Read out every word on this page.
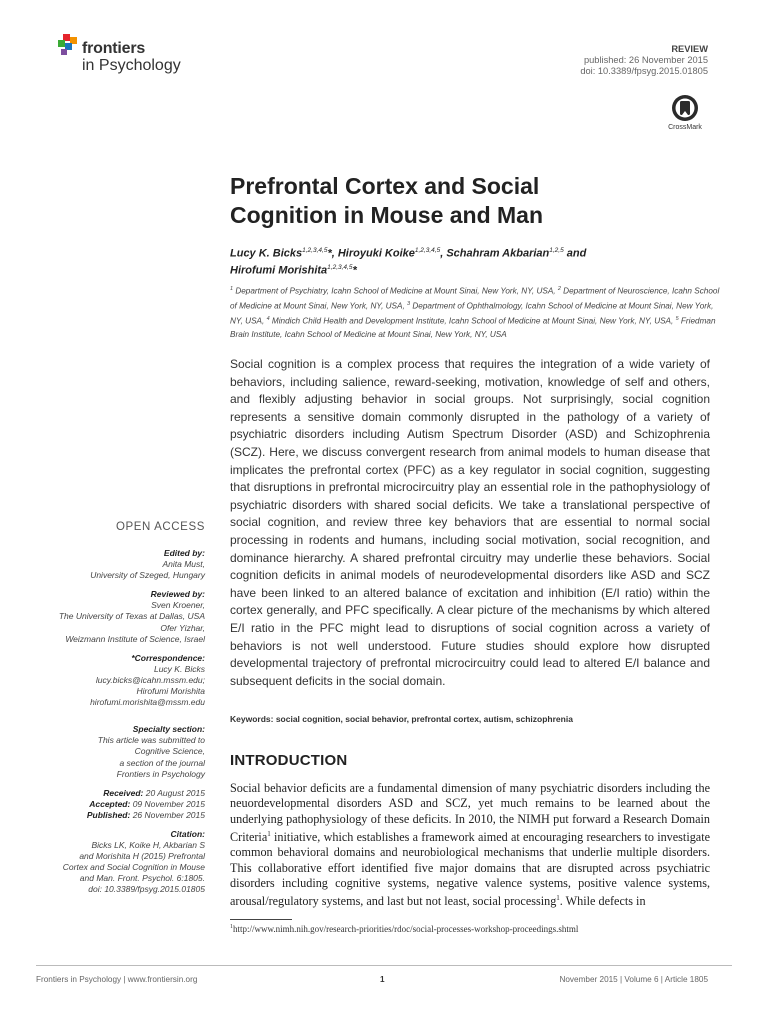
frontiers
in Psychology
REVIEW
published: 26 November 2015
doi: 10.3389/fpsyg.2015.01805
CrossMark
Prefrontal Cortex and Social
Cognition in Mouse and Man
Lucy K. Bicks$^{1,2,3,4,5}$*, Hiroyuki Koike$^{1,2,3,4,5}$, Schahram Akbarian$^{1,2,5}$ and
Hirofumi Morishita$^{1,2,3,4,5}$*
$^1$ Department of Psychiatry, Icahn School of Medicine at Mount Sinai, New York, NY, USA, $^2$ Department of Neuroscience, Icahn School of Medicine at Mount Sinai, New York, NY, USA, $^3$ Department of Ophthalmology, Icahn School of Medicine at Mount Sinai, New York, NY, USA, $^4$ Mindich Child Health and Development Institute, Icahn School of Medicine at Mount Sinai, New York, NY, USA, $^5$ Friedman Brain Institute, Icahn School of Medicine at Mount Sinai, New York, NY, USA
Social cognition is a complex process that requires the integration of a wide variety of behaviors, including salience, reward-seeking, motivation, knowledge of self and others, and flexibly adjusting behavior in social groups. Not surprisingly, social cognition represents a sensitive domain commonly disrupted in the pathology of a variety of psychiatric disorders including Autism Spectrum Disorder (ASD) and Schizophrenia (SCZ). Here, we discuss convergent research from animal models to human disease that implicates the prefrontal cortex (PFC) as a key regulator in social cognition, suggesting that disruptions in prefrontal microcircuitry play an essential role in the pathophysiology of psychiatric disorders with shared social deficits. We take a translational perspective of social cognition, and review three key behaviors that are essential to normal social processing in rodents and humans, including social motivation, social recognition, and dominance hierarchy. A shared prefrontal circuitry may underlie these behaviors. Social cognition deficits in animal models of neurodevelopmental disorders like ASD and SCZ have been linked to an altered balance of excitation and inhibition (E/I ratio) within the cortex generally, and PFC specifically. A clear picture of the mechanisms by which altered E/I ratio in the PFC might lead to disruptions of social cognition across a variety of behaviors is not well understood. Future studies should explore how disrupted developmental trajectory of prefrontal microcircuitry could lead to altered E/I balance and subsequent deficits in the social domain.
Keywords: social cognition, social behavior, prefrontal cortex, autism, schizophrenia
INTRODUCTION
Social behavior deficits are a fundamental dimension of many psychiatric disorders including the neuordevelopmental disorders ASD and SCZ, yet much remains to be learned about the underlying pathophysiology of these deficits. In 2010, the NIMH put forward a Research Domain Criteria$^1$ initiative, which establishes a framework aimed at encouraging researchers to investigate common behavioral domains and neurobiological mechanisms that underlie multiple disorders. This collaborative effort identified five major domains that are disrupted across psychiatric disorders including cognitive systems, negative valence systems, positive valence systems, arousal/regulatory systems, and last but not least, social processing$^1$. While defects in
$^1$http://www.nimh.nih.gov/research-priorities/rdoc/social-processes-workshop-proceedings.shtml
OPEN ACCESS
Edited by:
Anita Must,
University of Szeged, Hungary
Reviewed by:
Sven Kroener,
The University of Texas at Dallas, USA
Ofer Yizhar,
Weizmann Institute of Science, Israel
*Correspondence:
Lucy K. Bicks
lucy.bicks@icahn.mssm.edu;
Hirofumi Morishita
hirofumi.morishita@mssm.edu
Specialty section:
This article was submitted to
Cognitive Science,
a section of the journal
Frontiers in Psychology
Received: 20 August 2015
Accepted: 09 November 2015
Published: 26 November 2015
Citation:
Bicks LK, Koike H, Akbarian S
and Morishita H (2015) Prefrontal
Cortex and Social Cognition in Mouse
and Man. Front. Psychol. 6:1805.
doi: 10.3389/fpsyg.2015.01805
Frontiers in Psychology | www.frontiersin.org	1	November 2015 | Volume 6 | Article 1805
